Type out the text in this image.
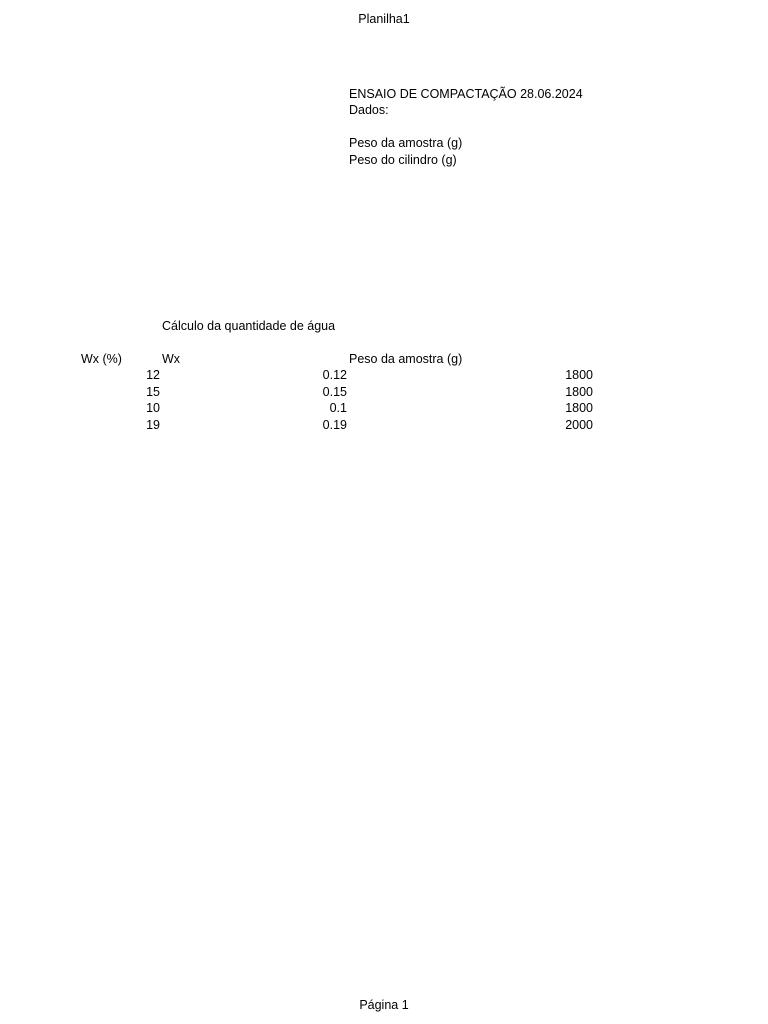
Planilha1
ENSAIO DE COMPACTAÇÃO 28.06.2024
Dados:
Peso da amostra (g)
Peso do cilindro (g)
Cálculo da quantidade de água
Wx (%)	Wx	Peso da amostra (g)
12	0.12	1800
15	0.15	1800
10	0.1	1800
19	0.19	2000
Página 1
